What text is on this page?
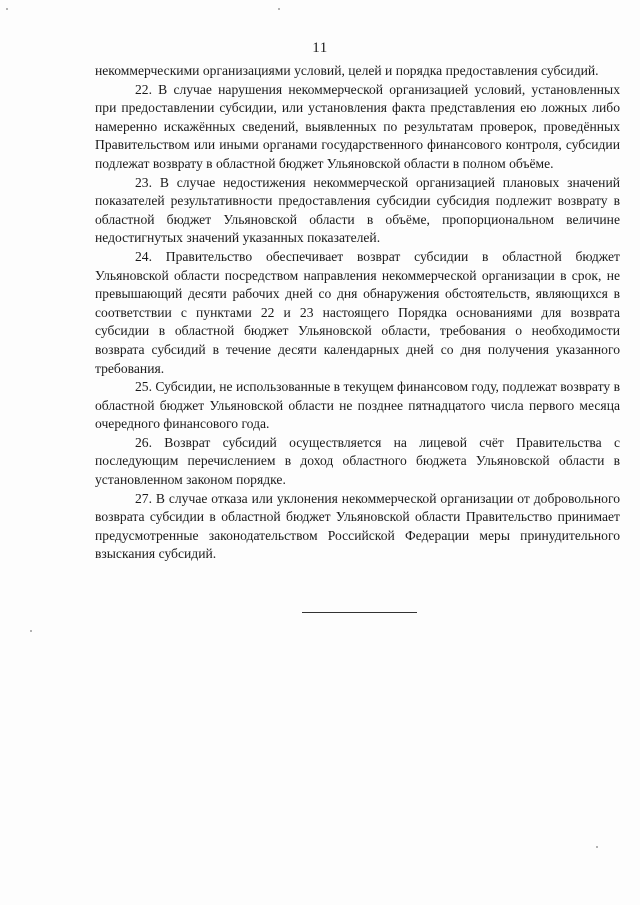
11

некоммерческими организациями условий, целей и порядка предоставления субсидий.

22. В случае нарушения некоммерческой организацией условий, установленных при предоставлении субсидии, или установления факта представления ею ложных либо намеренно искажённых сведений, выявленных по результатам проверок, проведённых Правительством или иными органами государственного финансового контроля, субсидии подлежат возврату в областной бюджет Ульяновской области в полном объёме.

23. В случае недостижения некоммерческой организацией плановых значений показателей результативности предоставления субсидии субсидия подлежит возврату в областной бюджет Ульяновской области в объёме, пропорциональном величине недостигнутых значений указанных показателей.

24. Правительство обеспечивает возврат субсидии в областной бюджет Ульяновской области посредством направления некоммерческой организации в срок, не превышающий десяти рабочих дней со дня обнаружения обстоятельств, являющихся в соответствии с пунктами 22 и 23 настоящего Порядка основаниями для возврата субсидии в областной бюджет Ульяновской области, требования о необходимости возврата субсидий в течение десяти календарных дней со дня получения указанного требования.

25. Субсидии, не использованные в текущем финансовом году, подлежат возврату в областной бюджет Ульяновской области не позднее пятнадцатого числа первого месяца очередного финансового года.

26. Возврат субсидий осуществляется на лицевой счёт Правительства с последующим перечислением в доход областного бюджета Ульяновской области в установленном законом порядке.

27. В случае отказа или уклонения некоммерческой организации от добровольного возврата субсидии в областной бюджет Ульяновской области Правительство принимает предусмотренные законодательством Российской Федерации меры принудительного взыскания субсидий.
